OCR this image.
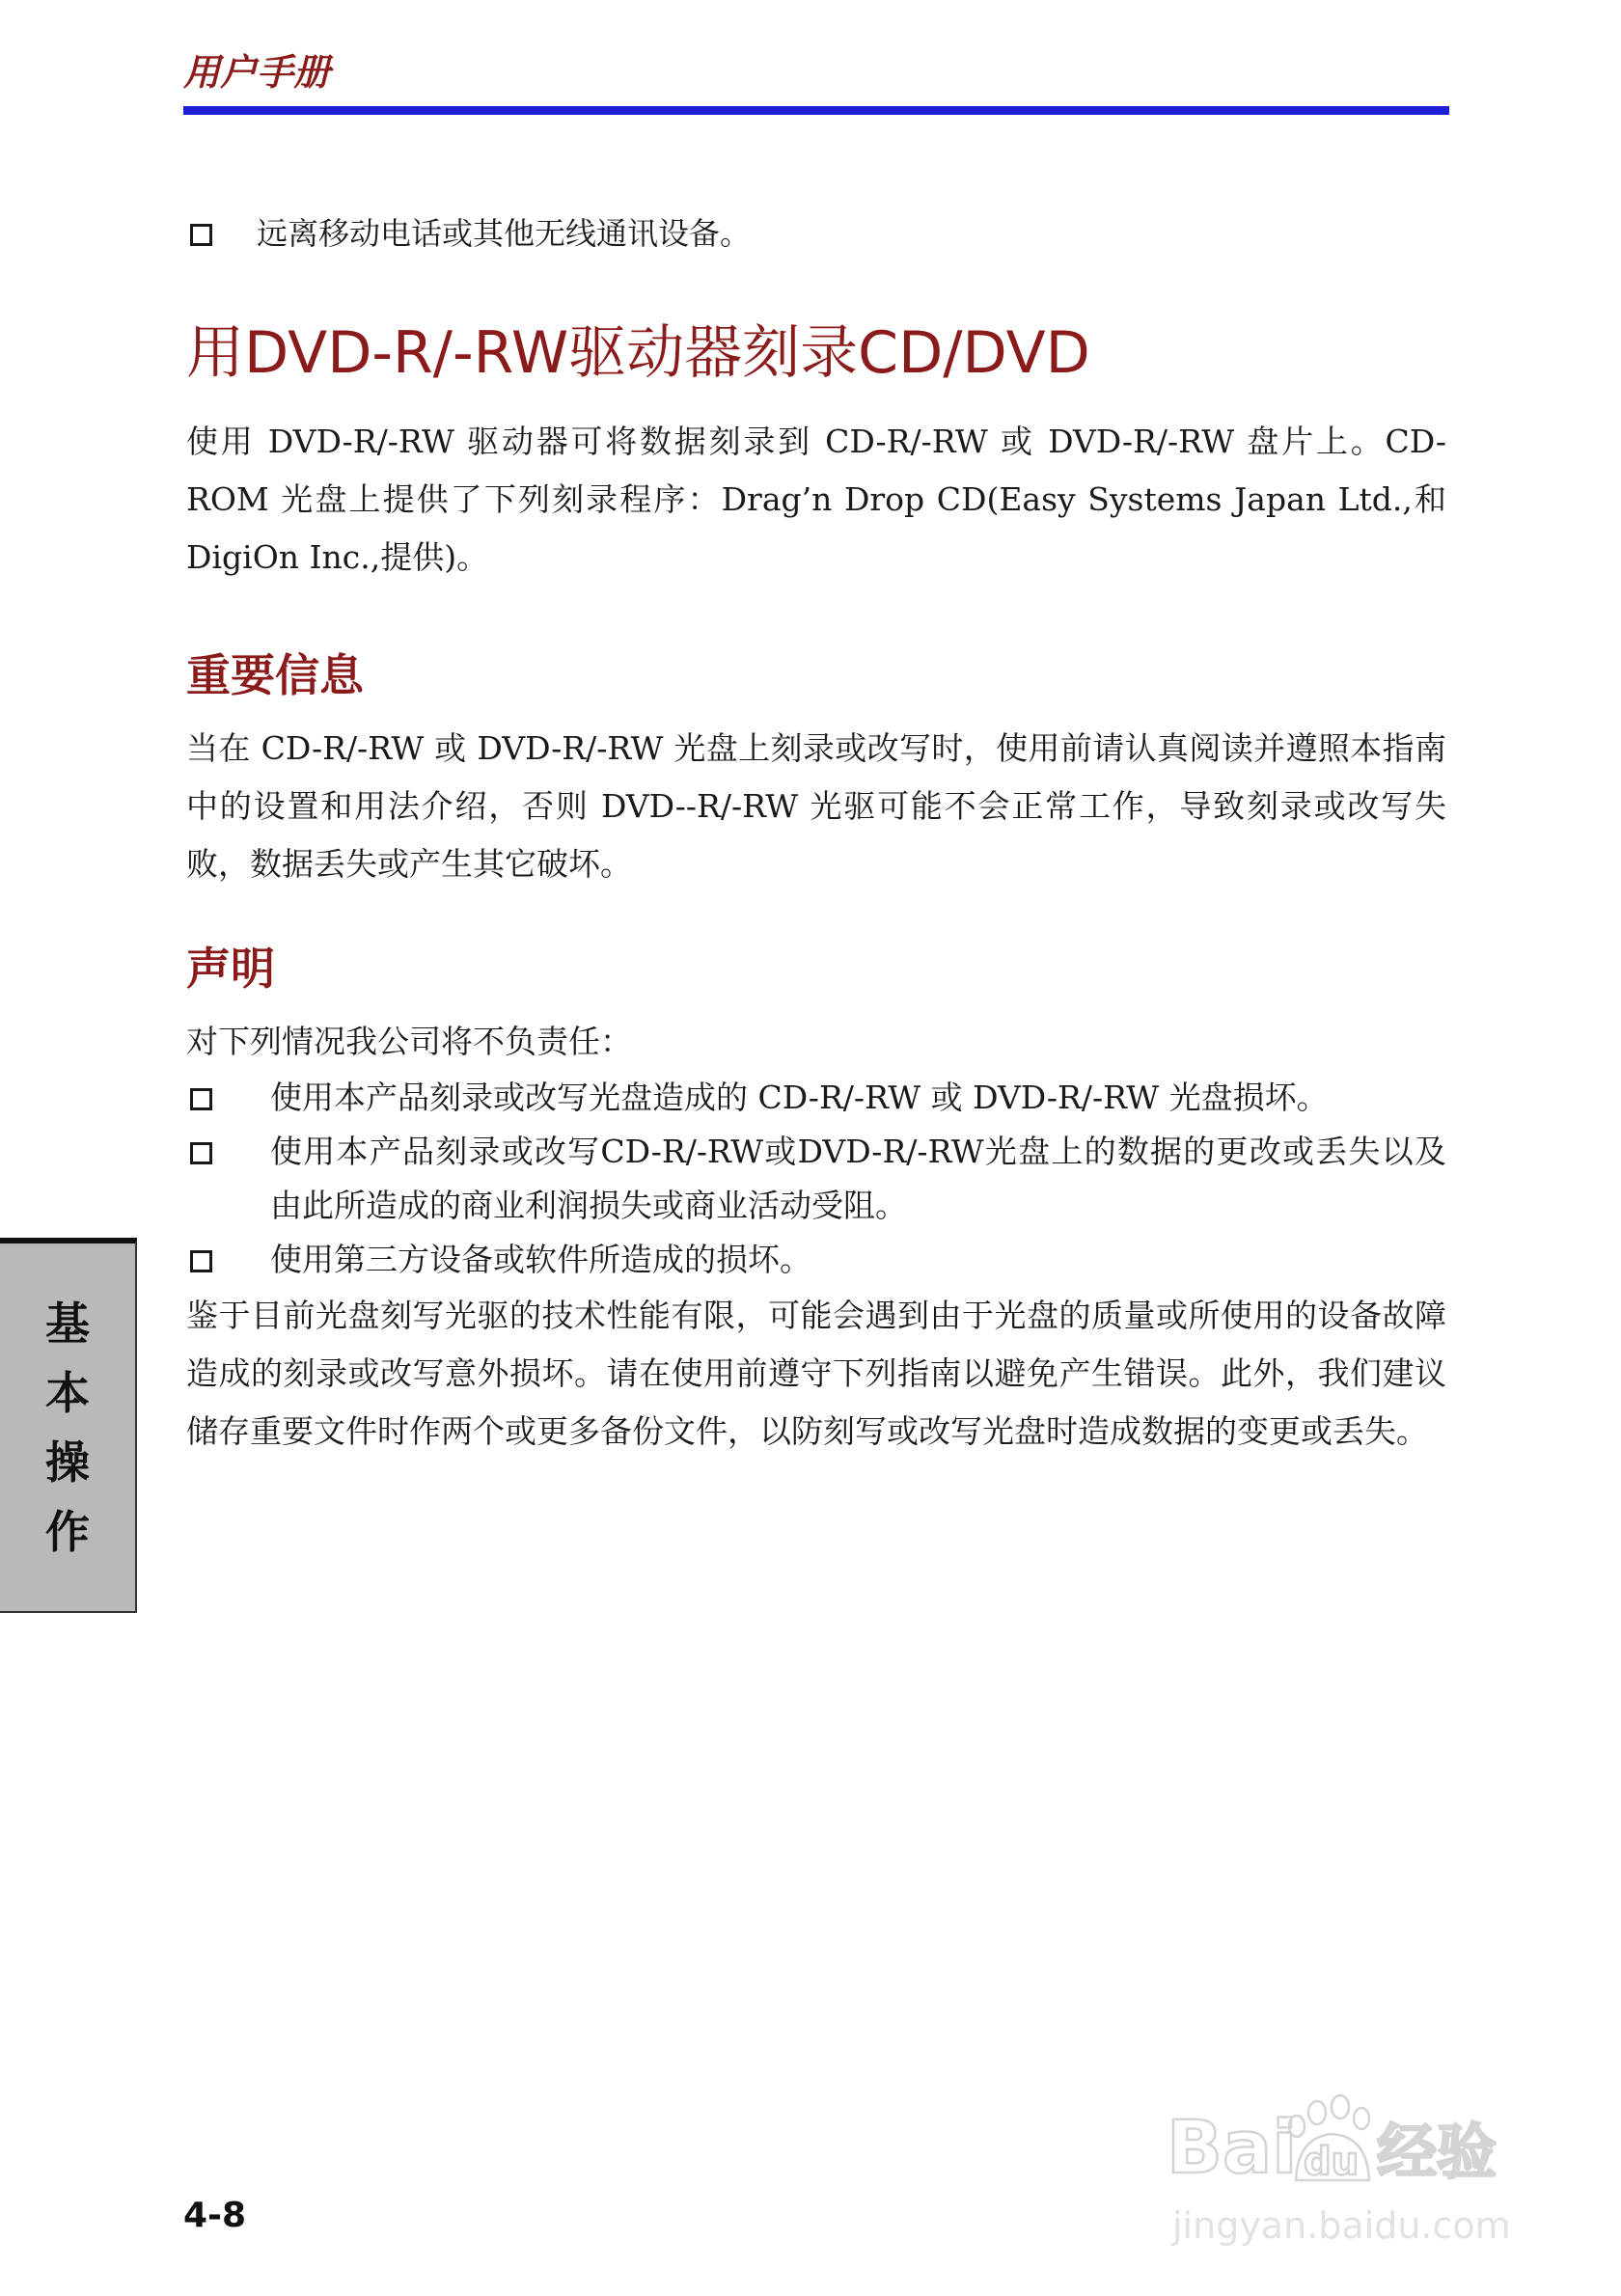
用户手册
远离移动电话或其他无线通讯设备。
用DVD-R/-RW驱动器刻录CD/DVD

使用 DVD-R/-RW 驱动器可将数据刻录到 CD-R/-RW 或 DVD-R/-RW 盘片上。CD-ROM 光盘上提供了下列刻录程序：Drag’n Drop CD(Easy Systems Japan Ltd.,和 DigiOn Inc.,提供)。

重要信息

当在 CD-R/-RW 或 DVD-R/-RW 光盘上刻录或改写时，使用前请认真阅读并遵照本指南中的设置和用法介绍，否则 DVD--R/-RW 光驱可能不会正常工作，导致刻录或改写失败，数据丢失或产生其它破坏。

声明

对下列情况我公司将不负责任：

使用本产品刻录或改写光盘造成的 CD-R/-RW 或 DVD-R/-RW 光盘损坏。
使用本产品刻录或改写CD-R/-RW或DVD-R/-RW光盘上的数据的更改或丢失以及由此所造成的商业利润损失或商业活动受阻。
使用第三方设备或软件所造成的损坏。

鉴于目前光盘刻写光驱的技术性能有限，可能会遇到由于光盘的质量或所使用的设备故障造成的刻录或改写意外损坏。请在使用前遵守下列指南以避免产生错误。此外，我们建议储存重要文件时作两个或更多备份文件，以防刻写或改写光盘时造成数据的变更或丢失。

基
本
操
作
4-8
Bai du 经验
jingyan.baidu.com
